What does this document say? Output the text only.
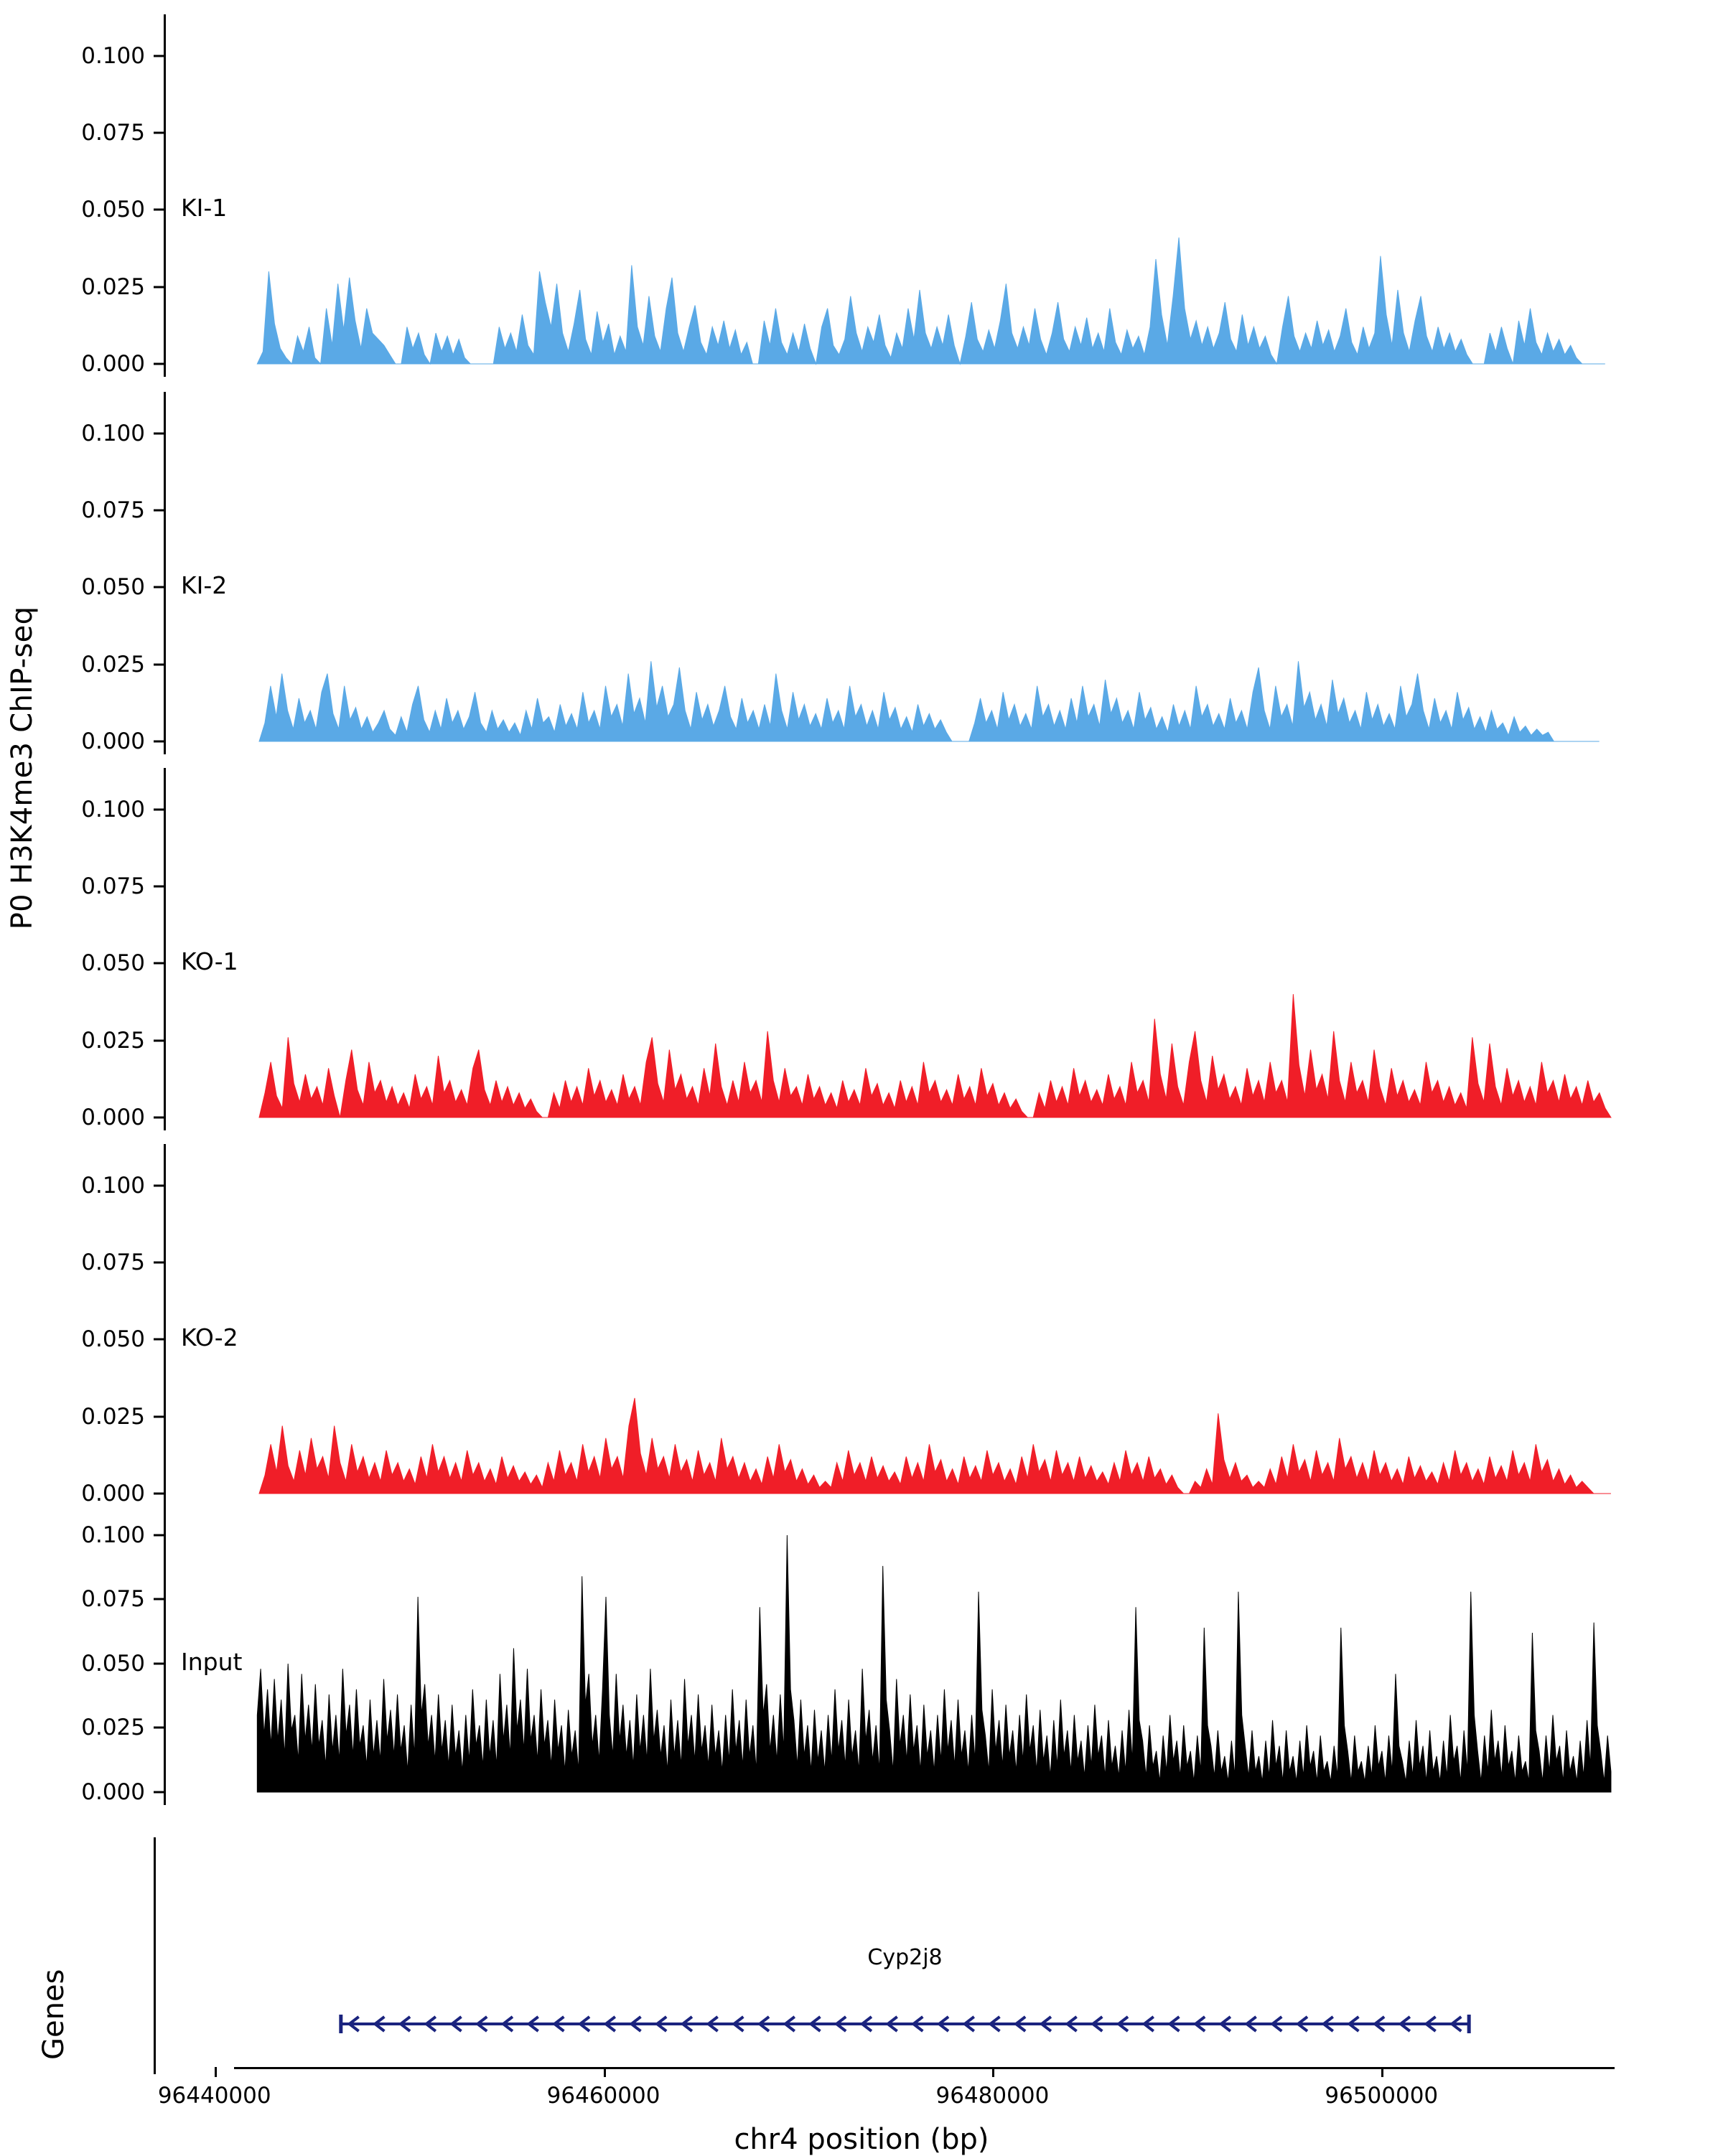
P0 H3K4me3 ChIP-seq
0.000
0.025
0.050
0.075
0.100
KI-1
0.000
0.025
0.050
0.075
0.100
KI-2
0.000
0.025
0.050
0.075
0.100
KO-1
0.000
0.025
0.050
0.075
0.100
KO-2
0.000
0.025
0.050
0.075
0.100
Input
Cyp2j8
Genes
chr4 position (bp)
96440000	96460000	96480000	96500000
